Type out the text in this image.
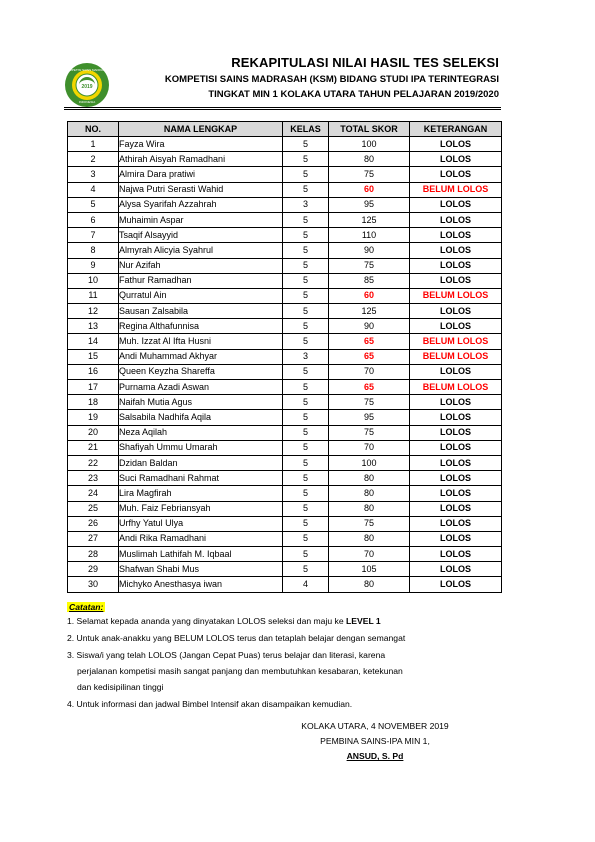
2019
KOMPETISI SAINS MADRASAH
INDONESIA
REKAPITULASI NILAI HASIL TES SELEKSI
KOMPETISI SAINS MADRASAH (KSM) BIDANG STUDI IPA TERINTEGRASI
TINGKAT MIN 1 KOLAKA UTARA TAHUN PELAJARAN 2019/2020
NO.	NAMA LENGKAP	KELAS	TOTAL SKOR	KETERANGAN
1	Fayza Wira	5	100	LOLOS
2	Athirah Aisyah Ramadhani	5	80	LOLOS
3	Almira Dara pratiwi	5	75	LOLOS
4	Najwa Putri Serasti Wahid	5	60	BELUM LOLOS
5	Alysa Syarifah Azzahrah	3	95	LOLOS
6	Muhaimin Aspar	5	125	LOLOS
7	Tsaqif Alsayyid	5	110	LOLOS
8	Almyrah Alicyia Syahrul	5	90	LOLOS
9	Nur Azifah	5	75	LOLOS
10	Fathur Ramadhan	5	85	LOLOS
11	Qurratul Ain	5	60	BELUM LOLOS
12	Sausan Zalsabila	5	125	LOLOS
13	Regina Althafunnisa	5	90	LOLOS
14	Muh. Izzat Al Ifta Husni	5	65	BELUM LOLOS
15	Andi Muhammad Akhyar	3	65	BELUM LOLOS
16	Queen Keyzha Shareffa	5	70	LOLOS
17	Purnama Azadi Aswan	5	65	BELUM LOLOS
18	Naifah Mutia Agus	5	75	LOLOS
19	Salsabila Nadhifa Aqila	5	95	LOLOS
20	Neza Aqilah	5	75	LOLOS
21	Shafiyah Ummu Umarah	5	70	LOLOS
22	Dzidan Baldan	5	100	LOLOS
23	Suci Ramadhani Rahmat	5	80	LOLOS
24	Lira Magfirah	5	80	LOLOS
25	Muh. Faiz Febriansyah	5	80	LOLOS
26	Urfhy Yatul Ulya	5	75	LOLOS
27	Andi Rika Ramadhani	5	80	LOLOS
28	Muslimah Lathifah M. Iqbaal	5	70	LOLOS
29	Shafwan Shabi Mus	5	105	LOLOS
30	Michyko Anesthasya iwan	4	80	LOLOS
Catatan:
1. Selamat kepada ananda yang dinyatakan LOLOS seleksi dan maju ke LEVEL 1
2. Untuk anak-anakku yang BELUM LOLOS terus dan tetaplah belajar dengan semangat
3. Siswa/i yang telah LOLOS (Jangan Cepat Puas) terus belajar dan literasi, karena
perjalanan kompetisi masih sangat panjang dan membutuhkan kesabaran, ketekunan
dan kedisipilinan tinggi
4. Untuk informasi dan jadwal Bimbel Intensif akan disampaikan kemudian.
KOLAKA UTARA, 4 NOVEMBER 2019
PEMBINA SAINS-IPA MIN 1,
ANSUD, S. Pd
